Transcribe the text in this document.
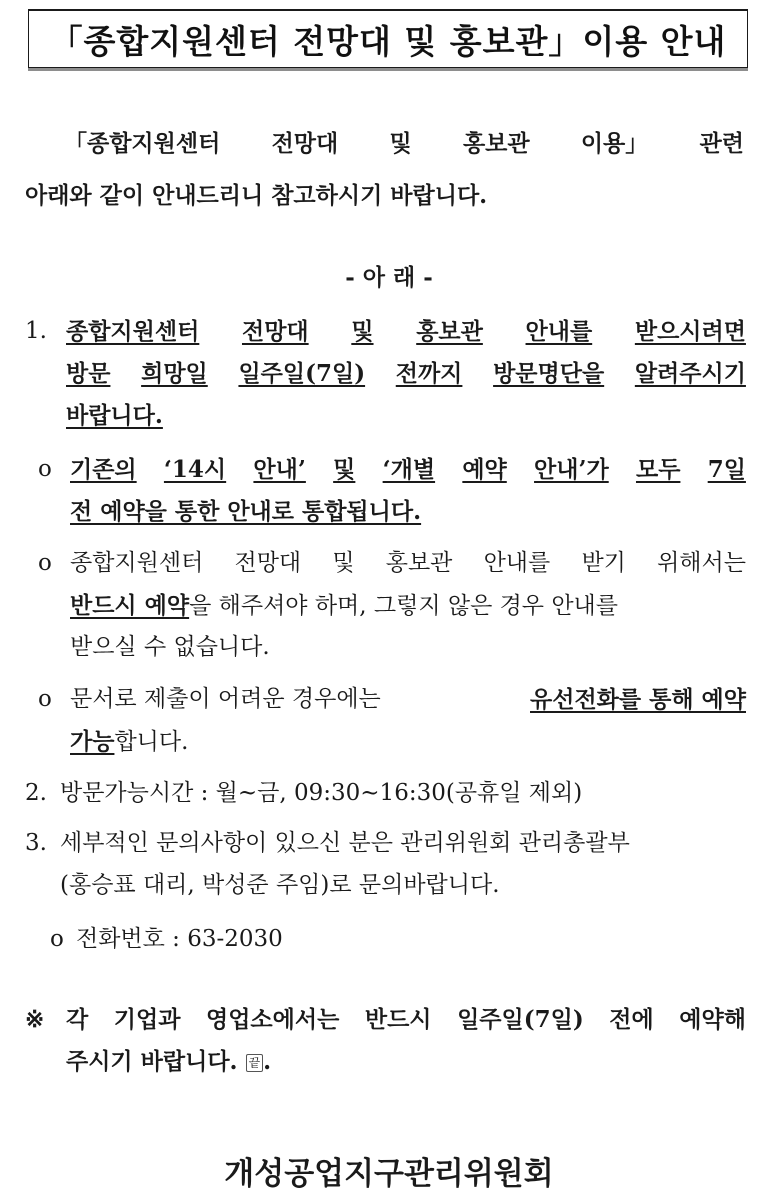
「종합지원센터 전망대 및 홍보관」이용 안내
「종합지원센터 전망대 및 홍보관 이용」 관련
아래와 같이 안내드리니 참고하시기 바랍니다.
- 아 래 -
1. 종합지원센터 전망대 및 홍보관 안내를 받으시려면
방문 희망일 일주일(7일) 전까지 방문명단을 알려주시기
바랍니다.
o 기존의 ‘14시 안내’ 및 ‘개별 예약 안내’가 모두 7일
전 예약을 통한 안내로 통합됩니다.
o 종합지원센터 전망대 및 홍보관 안내를 받기 위해서는
반드시 예약을 해주셔야 하며, 그렇지 않은 경우 안내를
받으실 수 없습니다.
o 문서로 제출이 어려운 경우에는	유선전화를 통해 예약
가능합니다.
2. 방문가능시간 : 월~금, 09:30∼16:30(공휴일 제외)
3. 세부적인 문의사항이 있으신 분은 관리위원회 관리총괄부
(홍승표 대리, 박성준 주임)로 문의바랍니다.
o 전화번호 : 63-2030
※ 각 기업과 영업소에서는 반드시 일주일(7일) 전에 예약해
주시기 바랍니다. 끝 .
개성공업지구관리위원회
